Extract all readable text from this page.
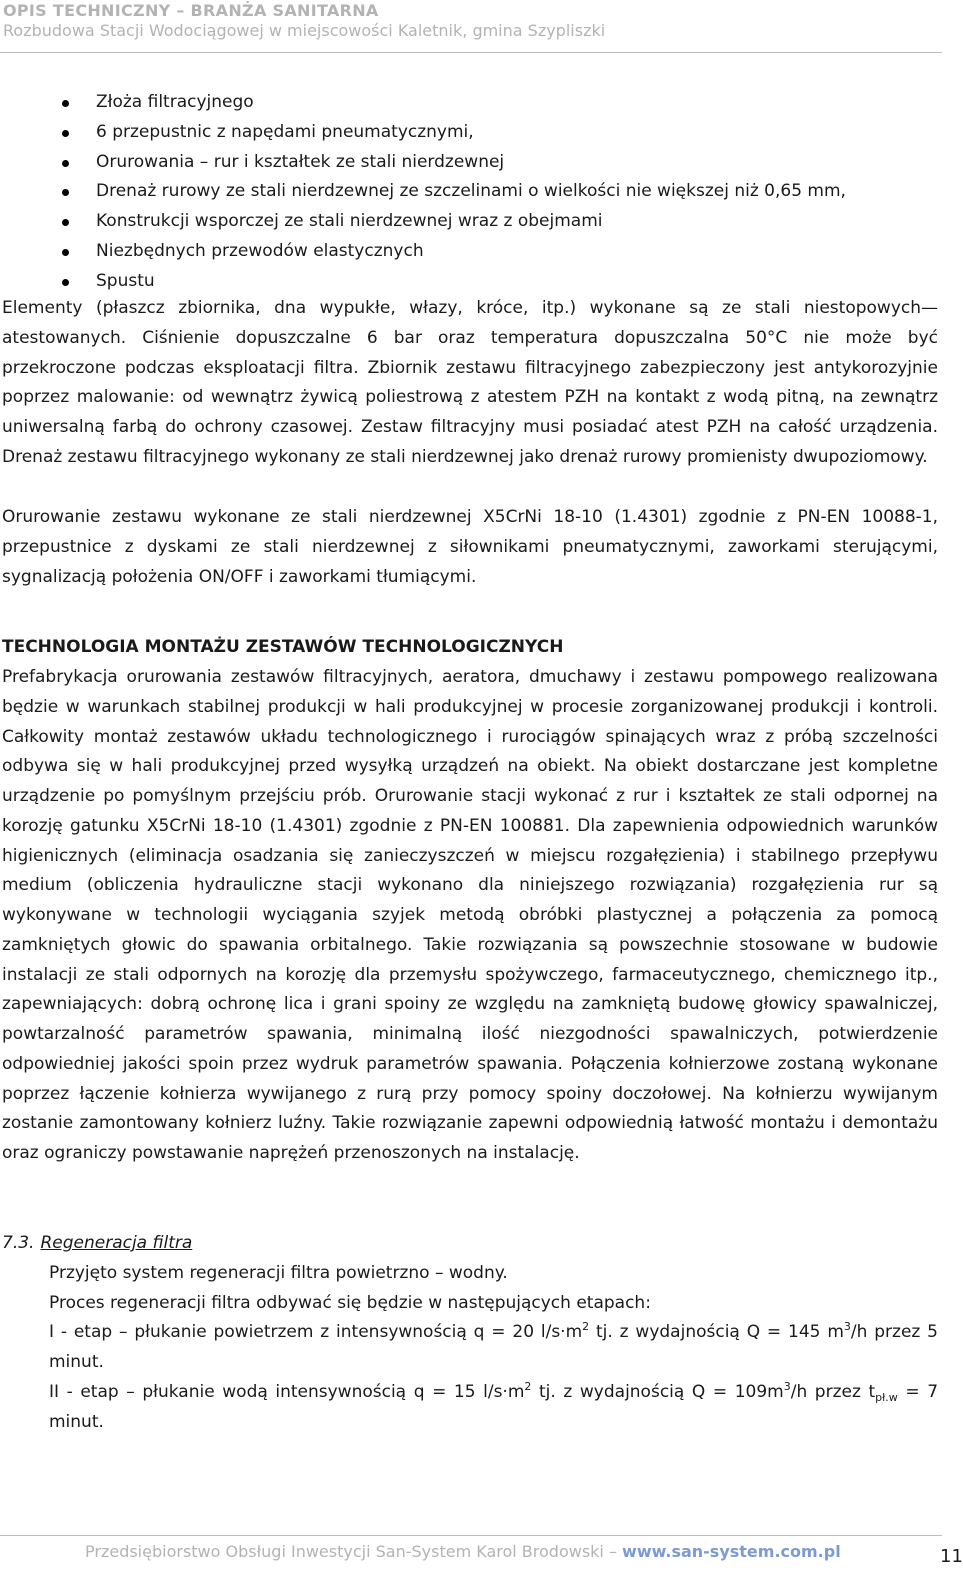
OPIS TECHNICZNY – BRANŻA SANITARNA
Rozbudowa Stacji Wodociągowej w miejscowości Kaletnik, gmina Szypliszki
Złoża filtracyjnego
6 przepustnic z napędami pneumatycznymi,
Orurowania – rur i kształtek ze stali nierdzewnej
Drenaż rurowy ze stali nierdzewnej ze szczelinami o wielkości nie większej niż 0,65 mm,
Konstrukcji wsporczej ze stali nierdzewnej wraz z obejmami
Niezbędnych przewodów elastycznych
Spustu

Elementy (płaszcz zbiornika, dna wypukłe, włazy, króce, itp.) wykonane są ze stali niestopowych—atestowanych. Ciśnienie dopuszczalne 6 bar oraz temperatura dopuszczalna 50°C nie może być przekroczone podczas eksploatacji filtra. Zbiornik zestawu filtracyjnego zabezpieczony jest antykorozyjnie poprzez malowanie: od wewnątrz żywicą poliestrową z atestem PZH na kontakt z wodą pitną, na zewnątrz uniwersalną farbą do ochrony czasowej. Zestaw filtracyjny musi posiadać atest PZH na całość urządzenia. Drenaż zestawu filtracyjnego wykonany ze stali nierdzewnej jako drenaż rurowy promienisty dwupoziomowy.

Orurowanie zestawu wykonane ze stali nierdzewnej X5CrNi 18-10 (1.4301) zgodnie z PN-EN 10088-1, przepustnice z dyskami ze stali nierdzewnej z siłownikami pneumatycznymi, zaworkami sterującymi, sygnalizacją położenia ON/OFF i zaworkami tłumiącymi.

TECHNOLOGIA MONTAŻU ZESTAWÓW TECHNOLOGICZNYCH

Prefabrykacja orurowania zestawów filtracyjnych, aeratora, dmuchawy i zestawu pompowego realizowana będzie w warunkach stabilnej produkcji w hali produkcyjnej w procesie zorganizowanej produkcji i kontroli. Całkowity montaż zestawów układu technologicznego i rurociągów spinających wraz z próbą szczelności odbywa się w hali produkcyjnej przed wysyłką urządzeń na obiekt. Na obiekt dostarczane jest kompletne urządzenie po pomyślnym przejściu prób. Orurowanie stacji wykonać z rur i kształtek ze stali odpornej na korozję gatunku X5CrNi 18-10 (1.4301) zgodnie z PN-EN 100881. Dla zapewnienia odpowiednich warunków higienicznych (eliminacja osadzania się zanieczyszczeń w miejscu rozgałęzienia) i stabilnego przepływu medium (obliczenia hydrauliczne stacji wykonano dla niniejszego rozwiązania) rozgałęzienia rur są wykonywane w technologii wyciągania szyjek metodą obróbki plastycznej a połączenia za pomocą zamkniętych głowic do spawania orbitalnego. Takie rozwiązania są powszechnie stosowane w budowie instalacji ze stali odpornych na korozję dla przemysłu spożywczego, farmaceutycznego, chemicznego itp., zapewniających: dobrą ochronę lica i grani spoiny ze względu na zamkniętą budowę głowicy spawalniczej, powtarzalność parametrów spawania, minimalną ilość niezgodności spawalniczych, potwierdzenie odpowiedniej jakości spoin przez wydruk parametrów spawania. Połączenia kołnierzowe zostaną wykonane poprzez łączenie kołnierza wywijanego z rurą przy pomocy spoiny doczołowej. Na kołnierzu wywijanym zostanie zamontowany kołnierz luźny. Takie rozwiązanie zapewni odpowiednią łatwość montażu i demontażu oraz ograniczy powstawanie naprężeń przenoszonych na instalację.

7.3. Regeneracja filtra

Przyjęto system regeneracji filtra powietrzno – wodny.

Proces regeneracji filtra odbywać się będzie w następujących etapach:

I - etap – płukanie powietrzem z intensywnością q = 20 $l/s\cdot m^2$ tj. z wydajnością Q = 145 $m^3/h$ przez 5 minut.

II - etap – płukanie wodą intensywnością q = 15 $l/s\cdot m^2$ tj. z wydajnością $Q = 109m^3/h$ przez $t_{pł.w} = 7$ minut.

Przedsiębiorstwo Obsługi Inwestycji San-System Karol Brodowski – www.san-system.com.pl	11
